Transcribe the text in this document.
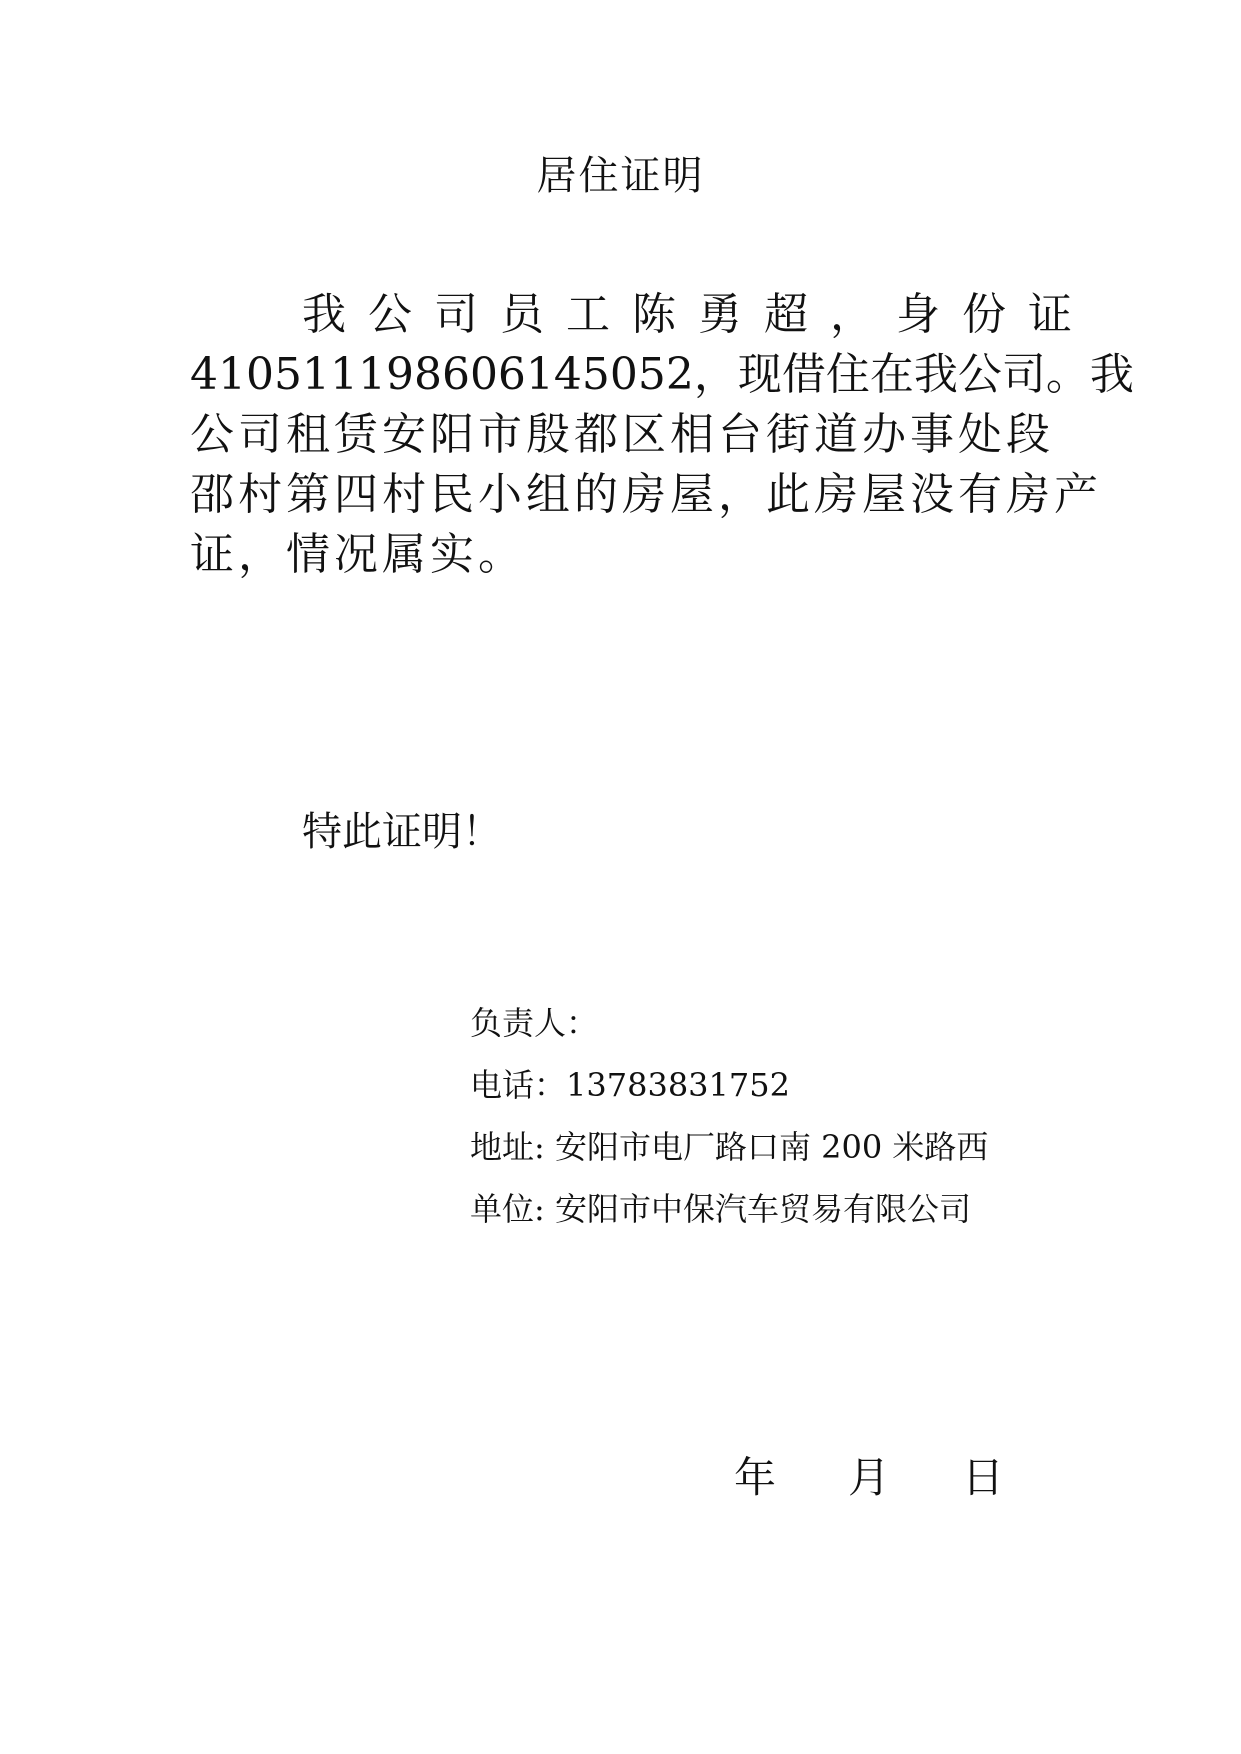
居住证明
我公司员工陈勇超，身份证
410511198606145052，现借住在我公司。我
公司租赁安阳市殷都区相台街道办事处段
邵村第四村民小组的房屋，此房屋没有房产
证，情况属实。
特此证明！
负责人：
电话：13783831752
地址: 安阳市电厂路口南 200 米路西
单位: 安阳市中保汽车贸易有限公司
年 月 日
